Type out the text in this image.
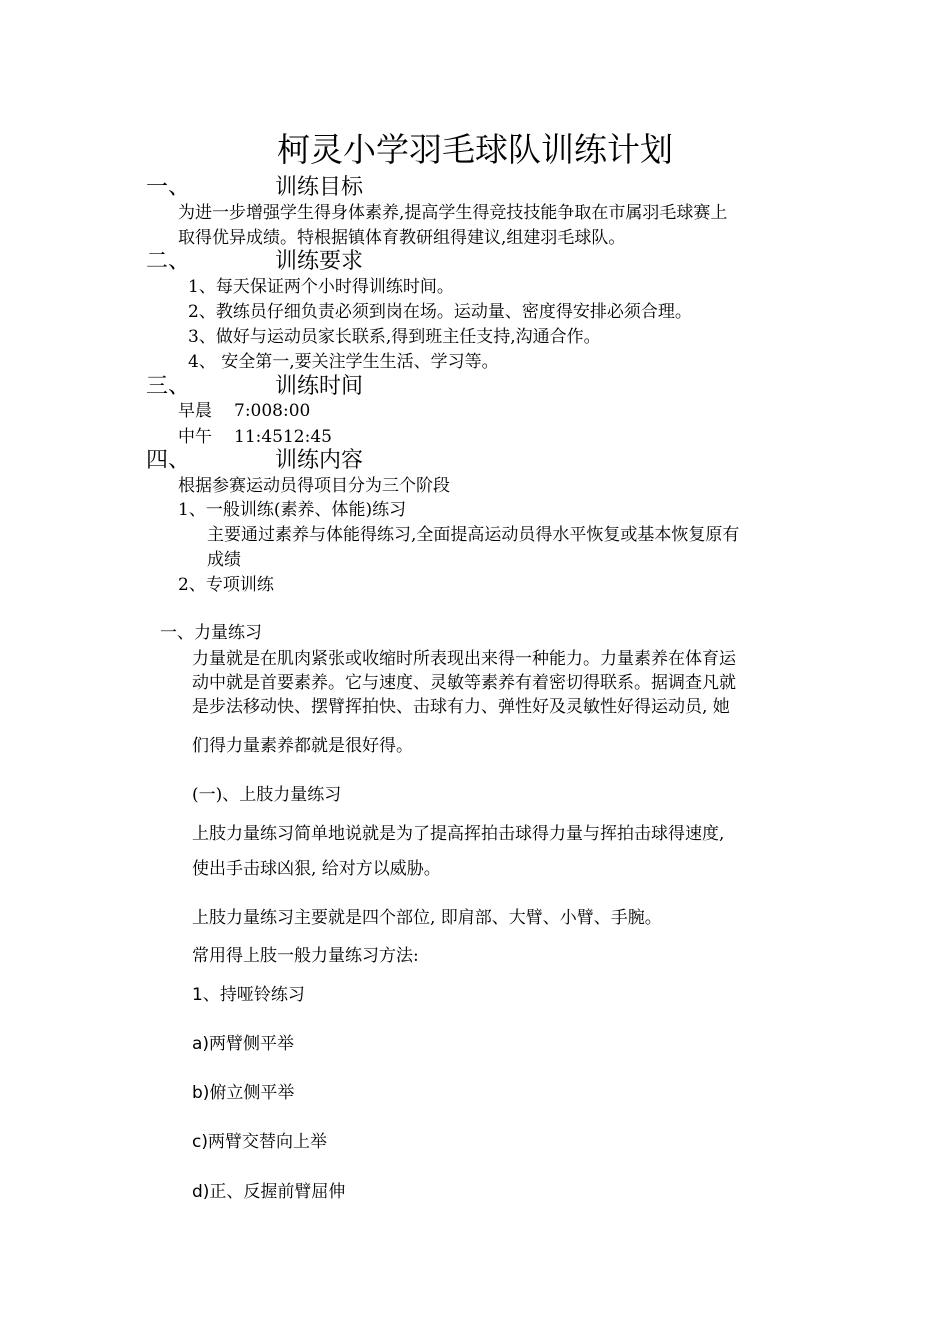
柯灵小学羽毛球队训练计划
一、	训练目标
为进一步增强学生得身体素养,提高学生得竞技技能争取在市属羽毛球赛上
取得优异成绩。特根据镇体育教研组得建议,组建羽毛球队。
二、	训练要求
1、每天保证两个小时得训练时间。
2、教练员仔细负责必须到岗在场。运动量、密度得安排必须合理。
3、做好与运动员家长联系,得到班主任支持,沟通合作。
4、 安全第一,要关注学生生活、学习等。
三、	训练时间
早晨 7:008:00
中午 11:4512:45
四、	训练内容
根据参赛运动员得项目分为三个阶段
1、一般训练(素养、体能)练习
主要通过素养与体能得练习,全面提高运动员得水平恢复或基本恢复原有
成绩
2、专项训练
一、力量练习
力量就是在肌肉紧张或收缩时所表现出来得一种能力。力量素养在体育运
动中就是首要素养。它与速度、灵敏等素养有着密切得联系。据调查凡就
是步法移动快、摆臂挥拍快、击球有力、弹性好及灵敏性好得运动员, 她
们得力量素养都就是很好得。
(一)、上肢力量练习
上肢力量练习简单地说就是为了提高挥拍击球得力量与挥拍击球得速度,
使出手击球凶狠, 给对方以威胁。
上肢力量练习主要就是四个部位, 即肩部、大臂、小臂、手腕。
常用得上肢一般力量练习方法:
1、持哑铃练习
a)两臂侧平举
b)俯立侧平举
c)两臂交替向上举
d)正、反握前臂屈伸
